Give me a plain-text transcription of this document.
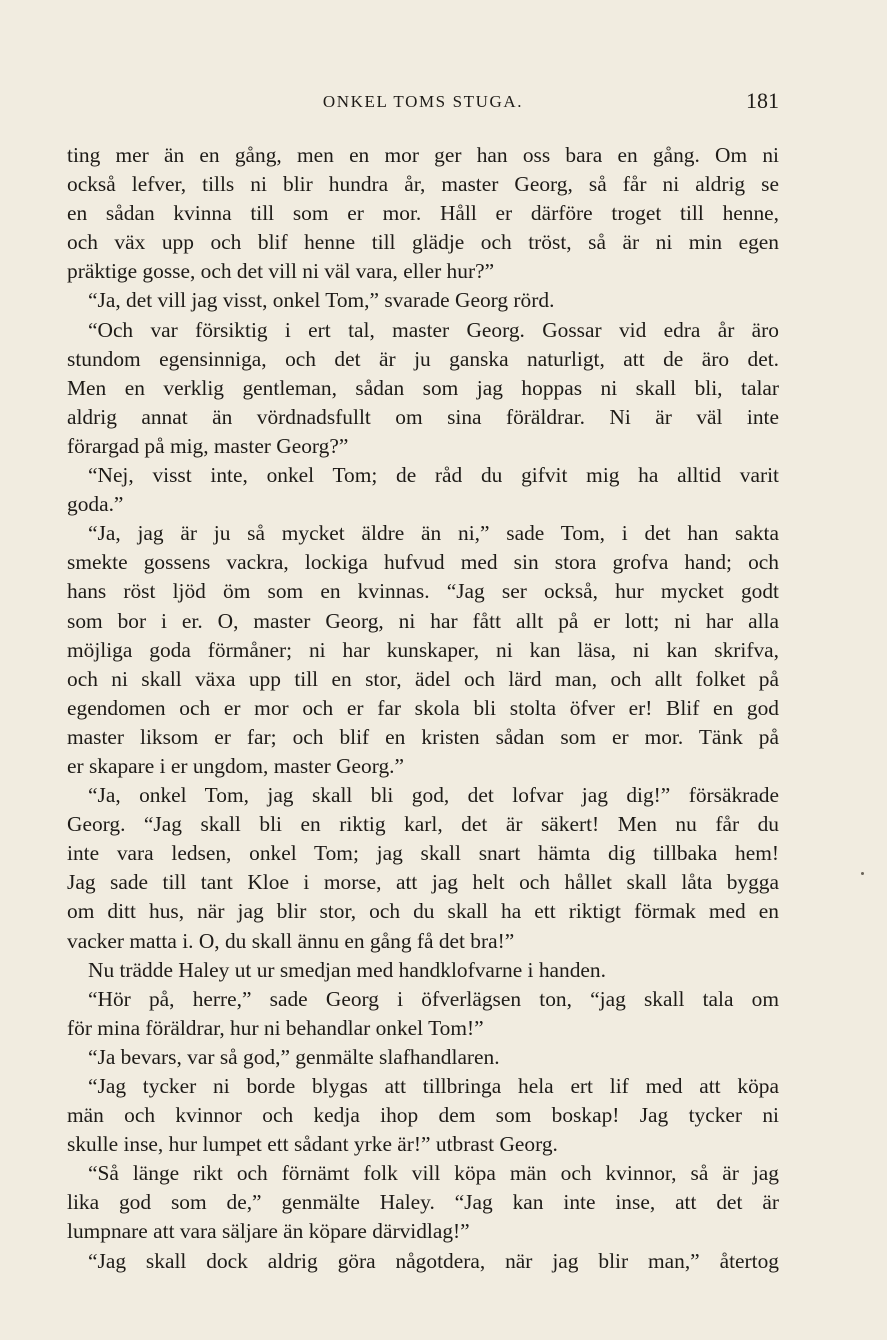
ONKEL TOMS STUGA.	181
ting mer än en gång, men en mor ger han oss bara en gång. Om ni
också lefver, tills ni blir hundra år, master Georg, så får ni aldrig se
en sådan kvinna till som er mor. Håll er därföre troget till henne,
och väx upp och blif henne till glädje och tröst, så är ni min egen
präktige gosse, och det vill ni väl vara, eller hur?”
“Ja, det vill jag visst, onkel Tom,” svarade Georg rörd.
“Och var försiktig i ert tal, master Georg. Gossar vid edra år äro
stundom egensinniga, och det är ju ganska naturligt, att de äro det.
Men en verklig gentleman, sådan som jag hoppas ni skall bli, talar
aldrig annat än vördnadsfullt om sina föräldrar. Ni är väl inte
förargad på mig, master Georg?”
“Nej, visst inte, onkel Tom; de råd du gifvit mig ha alltid varit
goda.”
“Ja, jag är ju så mycket äldre än ni,” sade Tom, i det han sakta
smekte gossens vackra, lockiga hufvud med sin stora grofva hand; och
hans röst ljöd öm som en kvinnas. “Jag ser också, hur mycket godt
som bor i er. O, master Georg, ni har fått allt på er lott; ni har alla
möjliga goda förmåner; ni har kunskaper, ni kan läsa, ni kan skrifva,
och ni skall växa upp till en stor, ädel och lärd man, och allt folket på
egendomen och er mor och er far skola bli stolta öfver er! Blif en god
master liksom er far; och blif en kristen sådan som er mor. Tänk på
er skapare i er ungdom, master Georg.”
“Ja, onkel Tom, jag skall bli god, det lofvar jag dig!” försäkrade
Georg. “Jag skall bli en riktig karl, det är säkert! Men nu får du
inte vara ledsen, onkel Tom; jag skall snart hämta dig tillbaka hem!
Jag sade till tant Kloe i morse, att jag helt och hållet skall låta bygga
om ditt hus, när jag blir stor, och du skall ha ett riktigt förmak med en
vacker matta i. O, du skall ännu en gång få det bra!”
Nu trädde Haley ut ur smedjan med handklofvarne i handen.
“Hör på, herre,” sade Georg i öfverlägsen ton, “jag skall tala om
för mina föräldrar, hur ni behandlar onkel Tom!”
“Ja bevars, var så god,” genmälte slafhandlaren.
“Jag tycker ni borde blygas att tillbringa hela ert lif med att köpa
män och kvinnor och kedja ihop dem som boskap! Jag tycker ni
skulle inse, hur lumpet ett sådant yrke är!” utbrast Georg.
“Så länge rikt och förnämt folk vill köpa män och kvinnor, så är jag
lika god som de,” genmälte Haley. “Jag kan inte inse, att det är
lumpnare att vara säljare än köpare därvidlag!”
“Jag skall dock aldrig göra någotdera, när jag blir man,” återtog
